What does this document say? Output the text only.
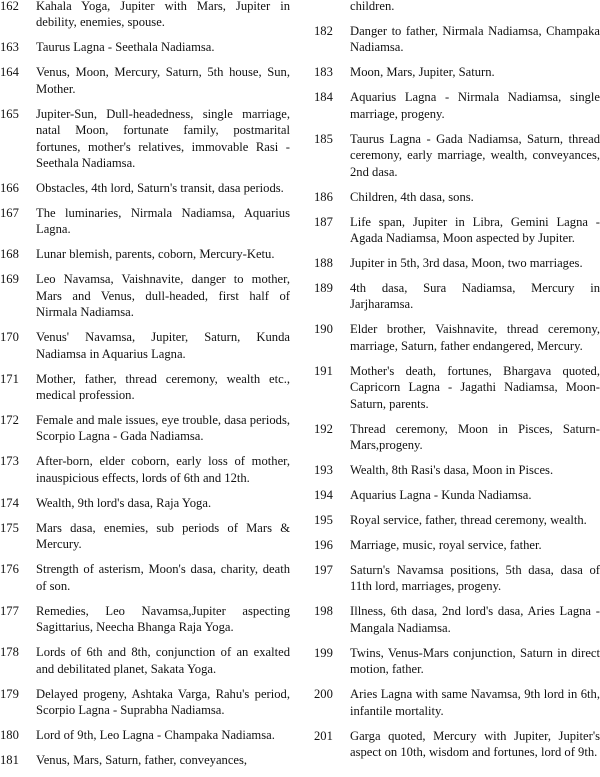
162	Kahala Yoga, Jupiter with Mars, Jupiter in debility, enemies, spouse.
163	Taurus Lagna - Seethala Nadiamsa.
164	Venus, Moon, Mercury, Saturn, 5th house, Sun, Mother.
165	Jupiter-Sun, Dull-headedness, single marriage, natal Moon, fortunate family, postmarital fortunes, mother's relatives, immovable Rasi - Seethala Nadiamsa.
166	Obstacles, 4th lord, Saturn's transit, dasa periods.
167	The luminaries, Nirmala Nadiamsa, Aquarius Lagna.
168	Lunar blemish, parents, coborn, Mercury-Ketu.
169	Leo Navamsa, Vaishnavite, danger to mother, Mars and Venus, dull-headed, first half of Nirmala Nadiamsa.
170	Venus' Navamsa, Jupiter, Saturn, Kunda Nadiamsa in Aquarius Lagna.
171	Mother, father, thread ceremony, wealth etc., medical profession.
172	Female and male issues, eye trouble, dasa periods, Scorpio Lagna - Gada Nadiamsa.
173	After-born, elder coborn, early loss of mother, inauspicious effects, lords of 6th and 12th.
174	Wealth, 9th lord's dasa, Raja Yoga.
175	Mars dasa, enemies, sub periods of Mars & Mercury.
176	Strength of asterism, Moon's dasa, charity, death of son.
177	Remedies, Leo Navamsa,Jupiter aspecting Sagittarius, Neecha Bhanga Raja Yoga.
178	Lords of 6th and 8th, conjunction of an exalted and debilitated planet, Sakata Yoga.
179	Delayed progeny, Ashtaka Varga, Rahu's period, Scorpio Lagna - Suprabha Nadiamsa.
180	Lord of 9th, Leo Lagna - Champaka Nadiamsa.
181	Venus, Mars, Saturn, father, conveyances,
children.
182	Danger to father, Nirmala Nadiamsa, Champaka Nadiamsa.
183	Moon, Mars, Jupiter, Saturn.
184	Aquarius Lagna - Nirmala Nadiamsa, single marriage, progeny.
185	Taurus Lagna - Gada Nadiamsa, Saturn, thread ceremony, early marriage, wealth, conveyances, 2nd dasa.
186	Children, 4th dasa, sons.
187	Life span, Jupiter in Libra, Gemini Lagna - Agada Nadiamsa, Moon aspected by Jupiter.
188	Jupiter in 5th, 3rd dasa, Moon, two marriages.
189	4th dasa, Sura Nadiamsa, Mercury in Jarjharamsa.
190	Elder brother, Vaishnavite, thread ceremony, marriage, Saturn, father endangered, Mercury.
191	Mother's death, fortunes, Bhargava quoted, Capricorn Lagna - Jagathi Nadiamsa, Moon-Saturn, parents.
192	Thread ceremony, Moon in Pisces, Saturn-Mars,progeny.
193	Wealth, 8th Rasi's dasa, Moon in Pisces.
194	Aquarius Lagna - Kunda Nadiamsa.
195	Royal service, father, thread ceremony, wealth.
196	Marriage, music, royal service, father.
197	Saturn's Navamsa positions, 5th dasa, dasa of 11th lord, marriages, progeny.
198	Illness, 6th dasa, 2nd lord's dasa, Aries Lagna - Mangala Nadiamsa.
199	Twins, Venus-Mars conjunction, Saturn in direct motion, father.
200	Aries Lagna with same Navamsa, 9th lord in 6th, infantile mortality.
201	Garga quoted, Mercury with Jupiter, Jupiter's aspect on 10th, wisdom and fortunes, lord of 9th.
